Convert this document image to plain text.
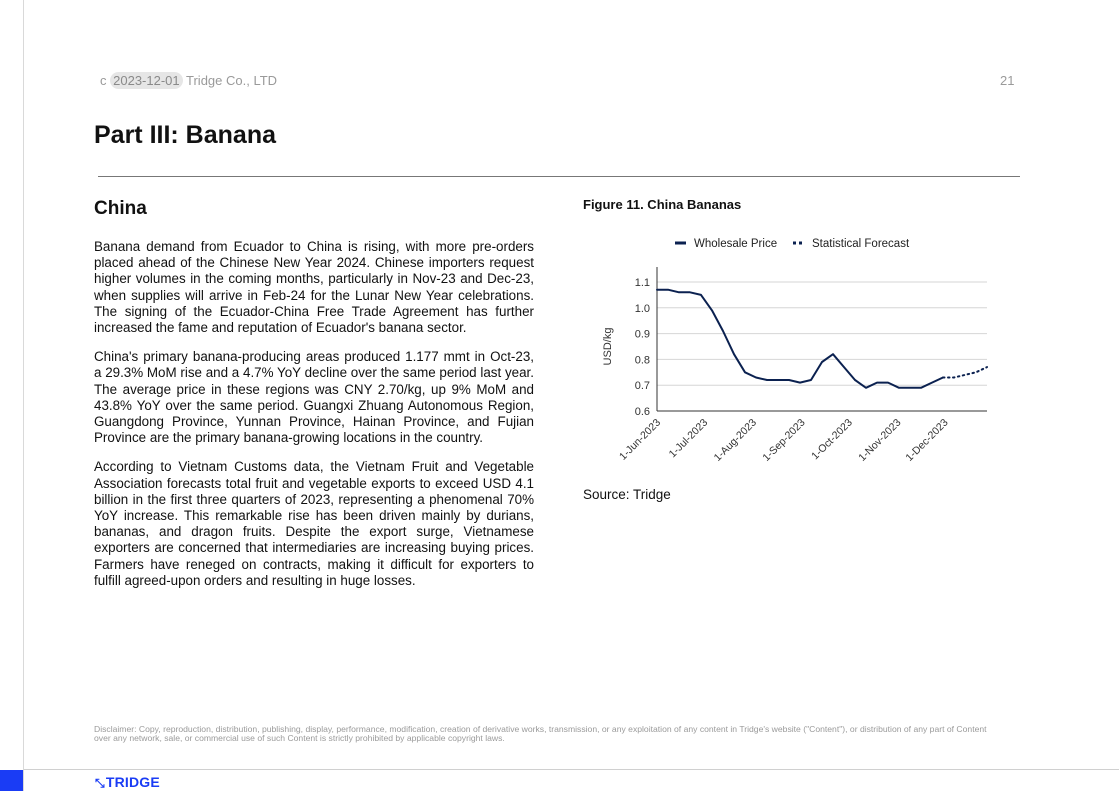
c 2023-12-01 Tridge Co., LTD	21
Part III: Banana
China

Banana demand from Ecuador to China is rising, with more pre-orders placed ahead of the Chinese New Year 2024. Chinese importers request higher volumes in the coming months, particularly in Nov-23 and Dec-23, when supplies will arrive in Feb-24 for the Lunar New Year celebrations. The signing of the Ecuador-China Free Trade Agreement has further increased the fame and reputation of Ecuador's banana sector.

China's primary banana-producing areas produced 1.177 mmt in Oct-23, a 29.3% MoM rise and a 4.7% YoY decline over the same period last year. The average price in these regions was CNY 2.70/kg, up 9% MoM and 43.8% YoY over the same period. Guangxi Zhuang Autonomous Region, Guangdong Province, Yunnan Province, Hainan Province, and Fujian Province are the primary banana-growing locations in the country.

According to Vietnam Customs data, the Vietnam Fruit and Vegetable Association forecasts total fruit and vegetable exports to exceed USD 4.1 billion in the first three quarters of 2023, representing a phenomenal 70% YoY increase. This remarkable rise has been driven mainly by durians, bananas, and dragon fruits. Despite the export surge, Vietnamese exporters are concerned that intermediaries are increasing buying prices. Farmers have reneged on contracts, making it difficult for exporters to fulfill agreed-upon orders and resulting in huge losses.

Figure 11. China Bananas
0.6
0.7
0.8
0.9
1.0
1.1
USD/kg
1-Jun-2023 1-Jul-2023 1-Aug-2023 1-Sep-2023 1-Oct-2023 1-Nov-2023 1-Dec-2023
Wholesale Price	Statistical Forecast
Source: Tridge
Disclaimer: Copy, reproduction, distribution, publishing, display, performance, modification, creation of derivative works, transmission, or any exploitation of any content in Tridge's website ("Content"), or distribution of any part of Content over any network, sale, or commercial use of such Content is strictly prohibited by applicable copyright laws.
⤡TRIDGE
